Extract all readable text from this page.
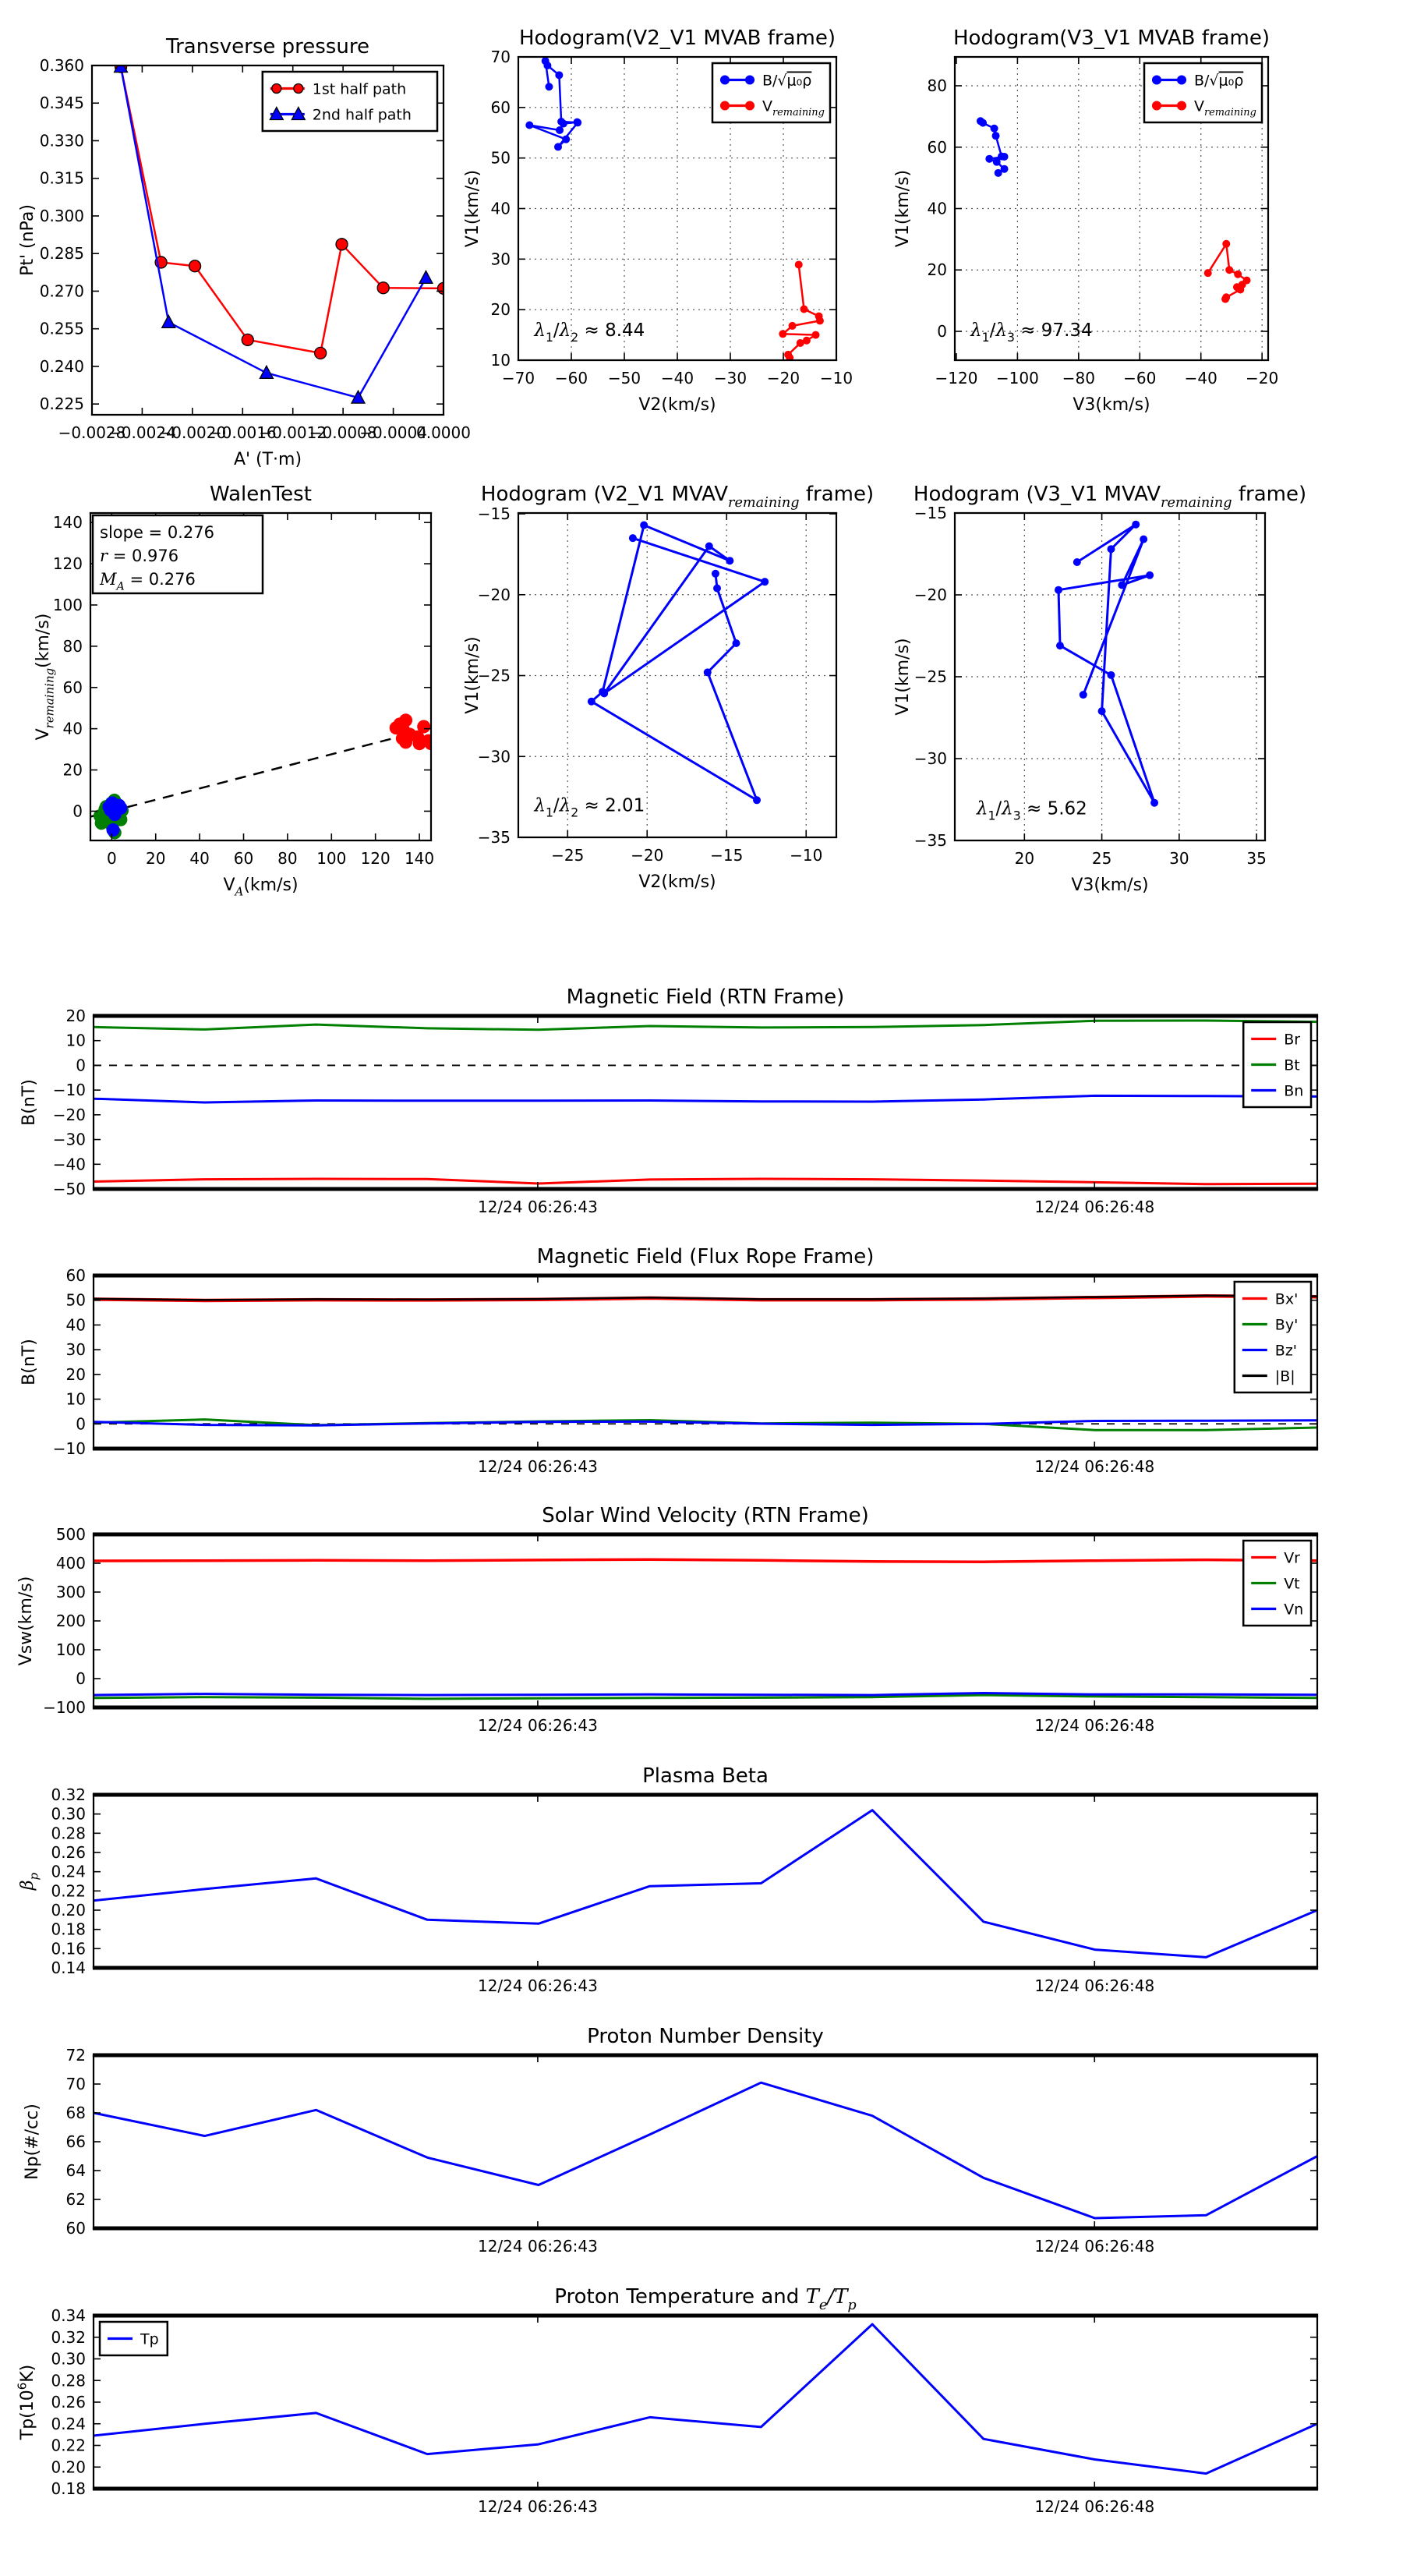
−0.0028
−0.0024
−0.0020
−0.0016
−0.0012
−0.0008
−0.0004
0.0000
0.225
0.240
0.255
0.270
0.285
0.300
0.315
0.330
0.345
0.360
Transverse pressure
A' (T·m)
Pt' (nPa)
1st half path
2nd half path
−70 −60 −50 −40 −30 −20 −10
10
20
30
40
50
60
70
Hodogram(V2_V1 MVAB frame)
V2(km/s)
V1(km/s)
$\lambda_1/\lambda_2 \approx 8.44$
B/√μ₀ρ
$V_{remaining}$
−120 −100 −80 −60 −40 −20
0
20
40
60
80
Hodogram(V3_V1 MVAB frame)
V3(km/s)
V1(km/s)
$\lambda_1/\lambda_3 \approx 97.34$
B/√μ₀ρ
$V_{remaining}$
0 20 40 60 80 100 120 140
0
20
40
60
80
100
120
140
WalenTest
$V_A(km/s)$
$V_{remaining}(km/s)$
slope = 0.276
r = 0.976
$M_A = 0.276$
−25	−20	−15	−10
−35
−30
−25
−20
−15
Hodogram (V2_V1 $MVAV_{remaining}$ frame)
V2(km/s)
V1(km/s)
$\lambda_1/\lambda_2 \approx 2.01$
20	25	30	35
−35
−30
−25
−20
−15
Hodogram (V3_V1 $MVAV_{remaining}$ frame)
V3(km/s)
V1(km/s)
$\lambda_1/\lambda_3 \approx 5.62$
12/24 06:26:43	12/24 06:26:48
20
10
0
−10
−20
−30
−40
−50
Magnetic Field (RTN Frame)
B(nT)
Br
Bt
Bn
12/24 06:26:43	12/24 06:26:48
60
50
40
30
20
10
0
−10
Magnetic Field (Flux Rope Frame)
B(nT)
Bx'
By'
Bz'
|B|
12/24 06:26:43	12/24 06:26:48
500
400
300
200
100
0
−100
Solar Wind Velocity (RTN Frame)
Vsw(km/s)
Vr
Vt
Vn
12/24 06:26:43	12/24 06:26:48
0.32
0.30
0.28
0.26
0.24
0.22
0.20
0.18
0.16
0.14
Plasma Beta
$\beta_p$
12/24 06:26:43	12/24 06:26:48
72
70
68
66
64
62
60
Proton Number Density
Np(#/cc)
12/24 06:26:43	12/24 06:26:48
0.34
0.32
0.30
0.28
0.26
0.24
0.22
0.20
0.18
Proton Temperature and $T_e/T_p$
$Tp(10^6K)$
Tp
